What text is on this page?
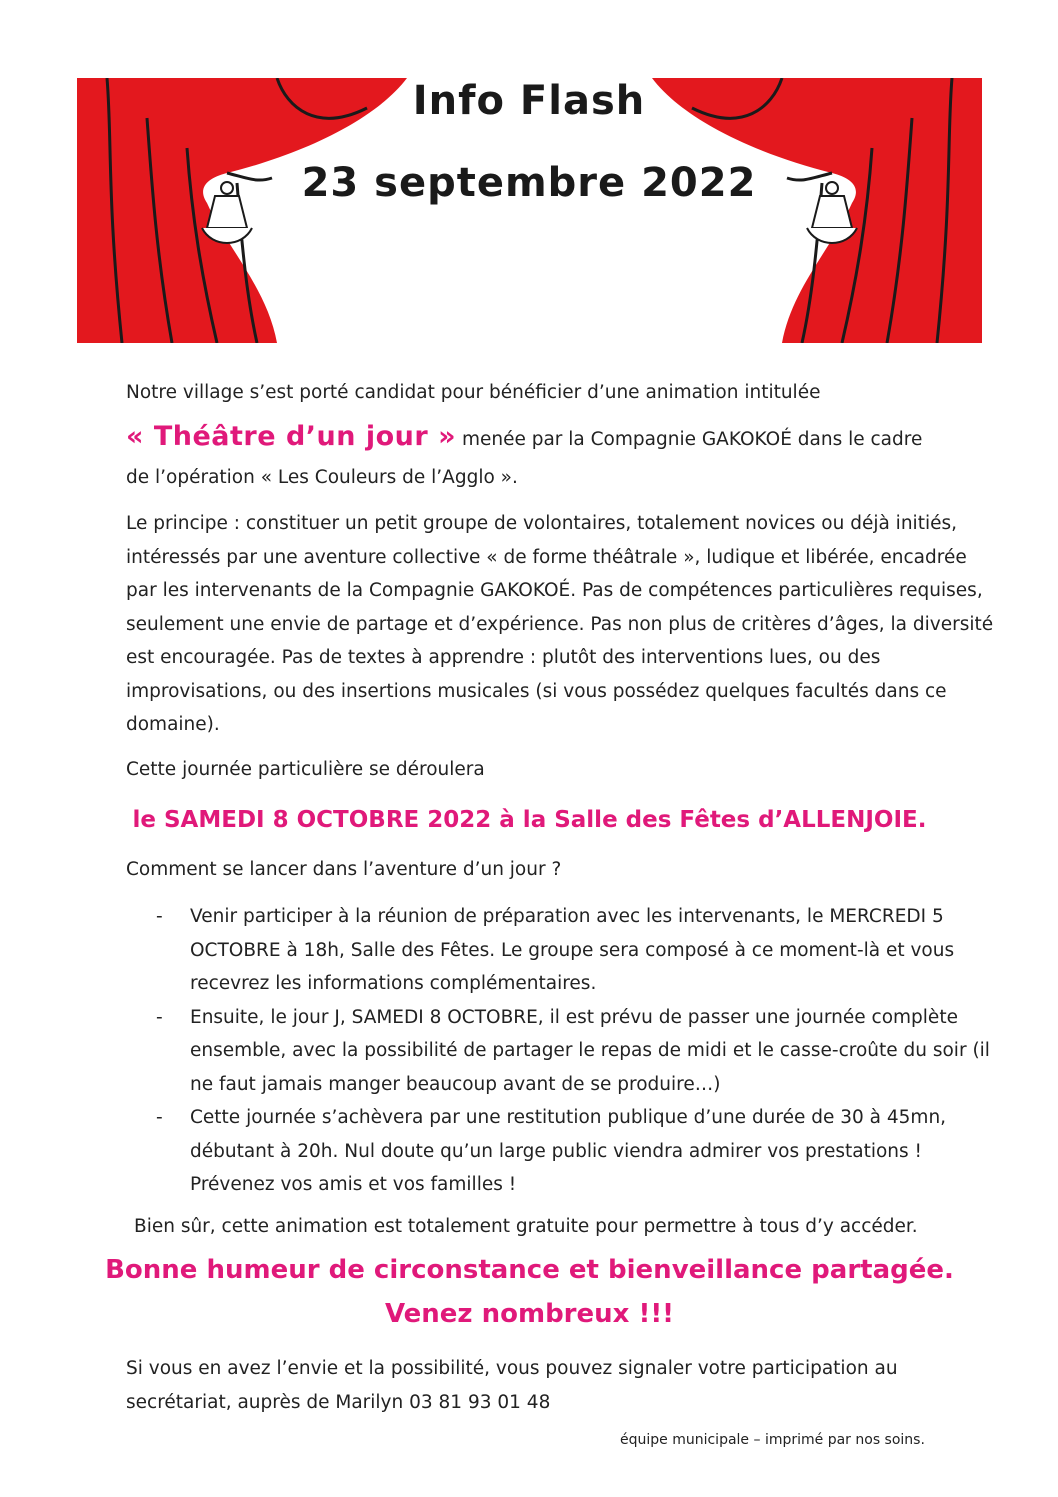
Info Flash
23 septembre 2022

Notre village s’est porté candidat pour bénéficier d’une animation intitulée

« Théâtre d’un jour » menée par la Compagnie GAKOKOÉ dans le cadre

de l’opération « Les Couleurs de l’Agglo ».

Le principe : constituer un petit groupe de volontaires, totalement novices ou déjà initiés, intéressés par une aventure collective « de forme théâtrale », ludique et libérée, encadrée par les intervenants de la Compagnie GAKOKOÉ. Pas de compétences particulières requises, seulement une envie de partage et d’expérience. Pas non plus de critères d’âges, la diversité est encouragée. Pas de textes à apprendre : plutôt des interventions lues, ou des improvisations, ou des insertions musicales (si vous possédez quelques facultés dans ce domaine).

Cette journée particulière se déroulera

le SAMEDI 8 OCTOBRE 2022 à la Salle des Fêtes d’ALLENJOIE.

Comment se lancer dans l’aventure d’un jour ?

- Venir participer à la réunion de préparation avec les intervenants, le MERCREDI 5 OCTOBRE à 18h, Salle des Fêtes. Le groupe sera composé à ce moment-là et vous recevrez les informations complémentaires.
- Ensuite, le jour J, SAMEDI 8 OCTOBRE, il est prévu de passer une journée complète ensemble, avec la possibilité de partager le repas de midi et le casse-croûte du soir (il ne faut jamais manger beaucoup avant de se produire…)
- Cette journée s’achèvera par une restitution publique d’une durée de 30 à 45mn, débutant à 20h. Nul doute qu’un large public viendra admirer vos prestations ! Prévenez vos amis et vos familles !

Bien sûr, cette animation est totalement gratuite pour permettre à tous d’y accéder.

Bonne humeur de circonstance et bienveillance partagée.
Venez nombreux !!!

Si vous en avez l’envie et la possibilité, vous pouvez signaler votre participation au secrétariat, auprès de Marilyn 03 81 93 01 48

équipe municipale – imprimé par nos soins.
